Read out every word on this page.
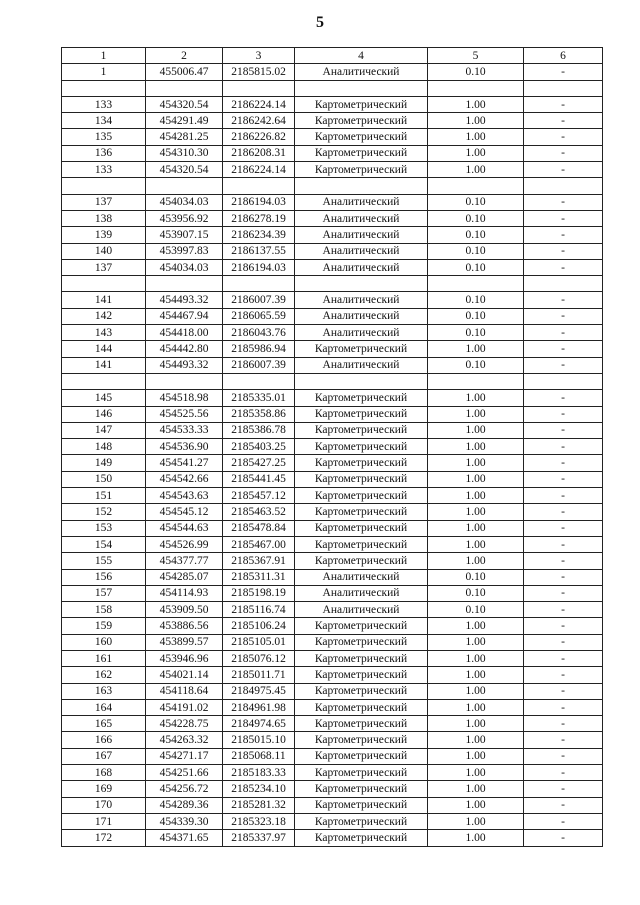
5
1	2	3	4	5	6
1	455006.47	2185815.02	Аналитический	0.10	-

133	454320.54	2186224.14	Картометрический	1.00	-
134	454291.49	2186242.64	Картометрический	1.00	-
135	454281.25	2186226.82	Картометрический	1.00	-
136	454310.30	2186208.31	Картометрический	1.00	-
133	454320.54	2186224.14	Картометрический	1.00	-

137	454034.03	2186194.03	Аналитический	0.10	-
138	453956.92	2186278.19	Аналитический	0.10	-
139	453907.15	2186234.39	Аналитический	0.10	-
140	453997.83	2186137.55	Аналитический	0.10	-
137	454034.03	2186194.03	Аналитический	0.10	-

141	454493.32	2186007.39	Аналитический	0.10	-
142	454467.94	2186065.59	Аналитический	0.10	-
143	454418.00	2186043.76	Аналитический	0.10	-
144	454442.80	2185986.94	Картометрический	1.00	-
141	454493.32	2186007.39	Аналитический	0.10	-

145	454518.98	2185335.01	Картометрический	1.00	-
146	454525.56	2185358.86	Картометрический	1.00	-
147	454533.33	2185386.78	Картометрический	1.00	-
148	454536.90	2185403.25	Картометрический	1.00	-
149	454541.27	2185427.25	Картометрический	1.00	-
150	454542.66	2185441.45	Картометрический	1.00	-
151	454543.63	2185457.12	Картометрический	1.00	-
152	454545.12	2185463.52	Картометрический	1.00	-
153	454544.63	2185478.84	Картометрический	1.00	-
154	454526.99	2185467.00	Картометрический	1.00	-
155	454377.77	2185367.91	Картометрический	1.00	-
156	454285.07	2185311.31	Аналитический	0.10	-
157	454114.93	2185198.19	Аналитический	0.10	-
158	453909.50	2185116.74	Аналитический	0.10	-
159	453886.56	2185106.24	Картометрический	1.00	-
160	453899.57	2185105.01	Картометрический	1.00	-
161	453946.96	2185076.12	Картометрический	1.00	-
162	454021.14	2185011.71	Картометрический	1.00	-
163	454118.64	2184975.45	Картометрический	1.00	-
164	454191.02	2184961.98	Картометрический	1.00	-
165	454228.75	2184974.65	Картометрический	1.00	-
166	454263.32	2185015.10	Картометрический	1.00	-
167	454271.17	2185068.11	Картометрический	1.00	-
168	454251.66	2185183.33	Картометрический	1.00	-
169	454256.72	2185234.10	Картометрический	1.00	-
170	454289.36	2185281.32	Картометрический	1.00	-
171	454339.30	2185323.18	Картометрический	1.00	-
172	454371.65	2185337.97	Картометрический	1.00	-
